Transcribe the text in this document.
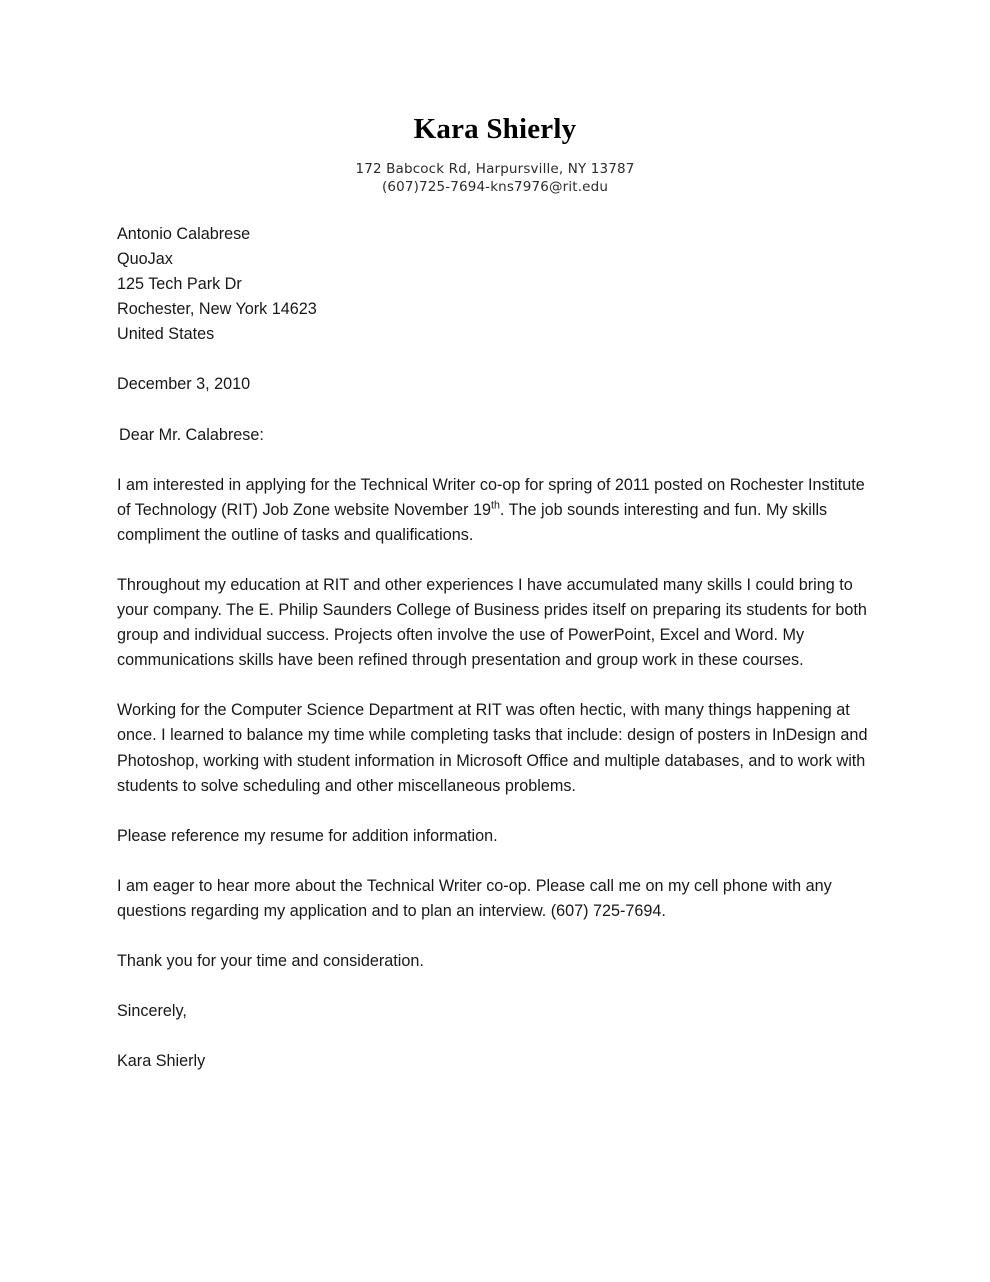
Kara Shierly

172 Babcock Rd, Harpursville, NY 13787

(607)725-7694-kns7976@rit.edu

Antonio Calabrese

QuoJax

125 Tech Park Dr

Rochester, New York 14623

United States

December 3, 2010

Dear Mr. Calabrese:

I am interested in applying for the Technical Writer co-op for spring of 2011 posted on Rochester Institute of Technology (RIT) Job Zone website November 19th. The job sounds interesting and fun. My skills compliment the outline of tasks and qualifications.

Throughout my education at RIT and other experiences I have accumulated many skills I could bring to your company. The E. Philip Saunders College of Business prides itself on preparing its students for both group and individual success. Projects often involve the use of PowerPoint, Excel and Word. My communications skills have been refined through presentation and group work in these courses.

Working for the Computer Science Department at RIT was often hectic, with many things happening at once. I learned to balance my time while completing tasks that include: design of posters in InDesign and Photoshop, working with student information in Microsoft Office and multiple databases, and to work with students to solve scheduling and other miscellaneous problems.

Please reference my resume for addition information.

I am eager to hear more about the Technical Writer co-op. Please call me on my cell phone with any questions regarding my application and to plan an interview. (607) 725-7694.

Thank you for your time and consideration.

Sincerely,

Kara Shierly
